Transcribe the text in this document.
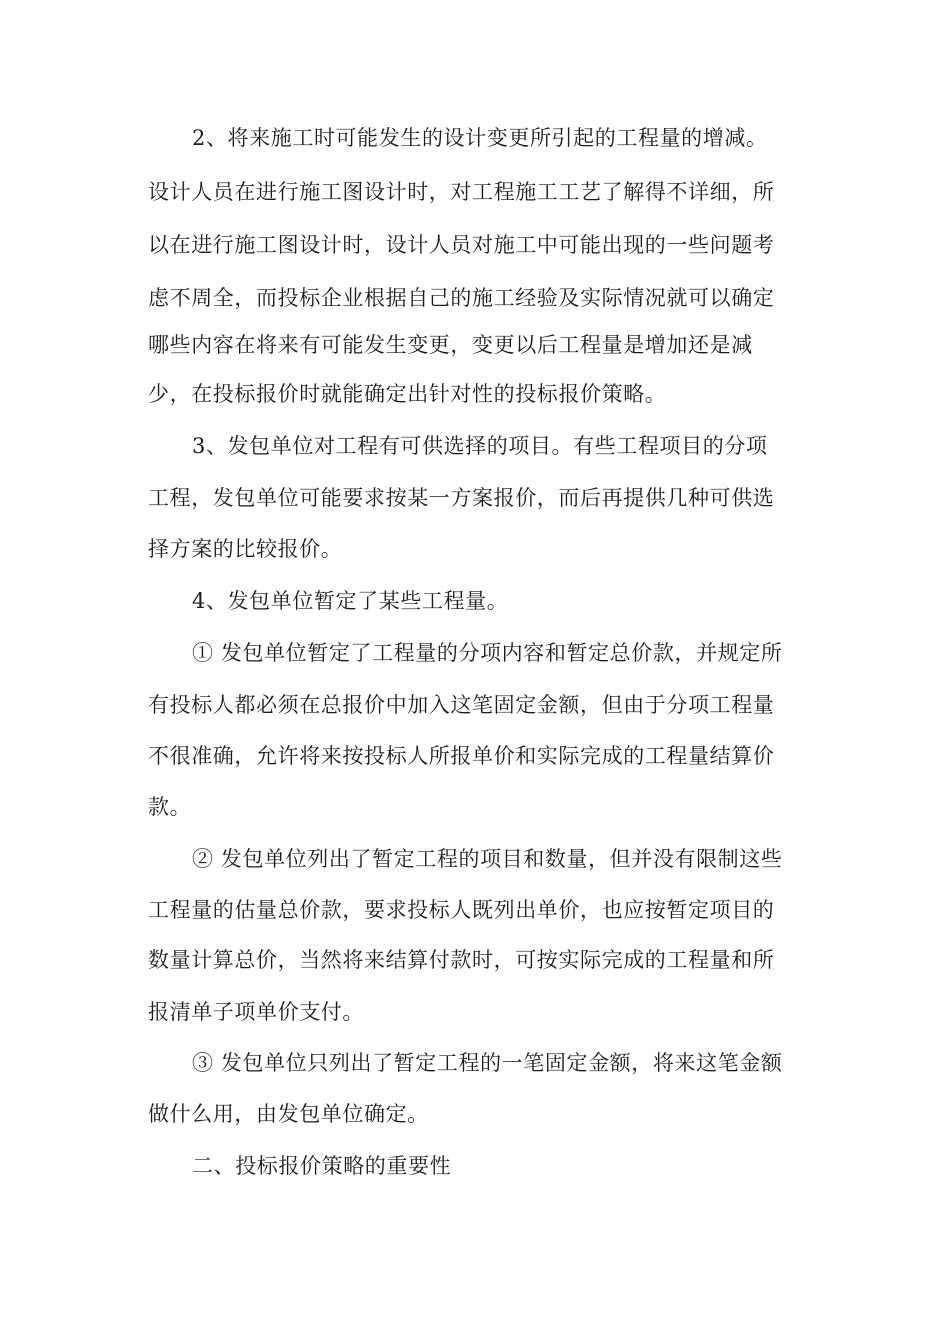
2、将来施工时可能发生的设计变更所引起的工程量的增减。
设计人员在进行施工图设计时，对工程施工工艺了解得不详细，所
以在进行施工图设计时，设计人员对施工中可能出现的一些问题考
虑不周全，而投标企业根据自己的施工经验及实际情况就可以确定
哪些内容在将来有可能发生变更，变更以后工程量是增加还是减
少，在投标报价时就能确定出针对性的投标报价策略。
3、发包单位对工程有可供选择的项目。有些工程项目的分项
工程，发包单位可能要求按某一方案报价，而后再提供几种可供选
择方案的比较报价。
4、发包单位暂定了某些工程量。
① 发包单位暂定了工程量的分项内容和暂定总价款，并规定所
有投标人都必须在总报价中加入这笔固定金额，但由于分项工程量
不很准确，允许将来按投标人所报单价和实际完成的工程量结算价
款。
② 发包单位列出了暂定工程的项目和数量，但并没有限制这些
工程量的估量总价款，要求投标人既列出单价，也应按暂定项目的
数量计算总价，当然将来结算付款时，可按实际完成的工程量和所
报清单子项单价支付。
③ 发包单位只列出了暂定工程的一笔固定金额，将来这笔金额
做什么用，由发包单位确定。
二、投标报价策略的重要性
